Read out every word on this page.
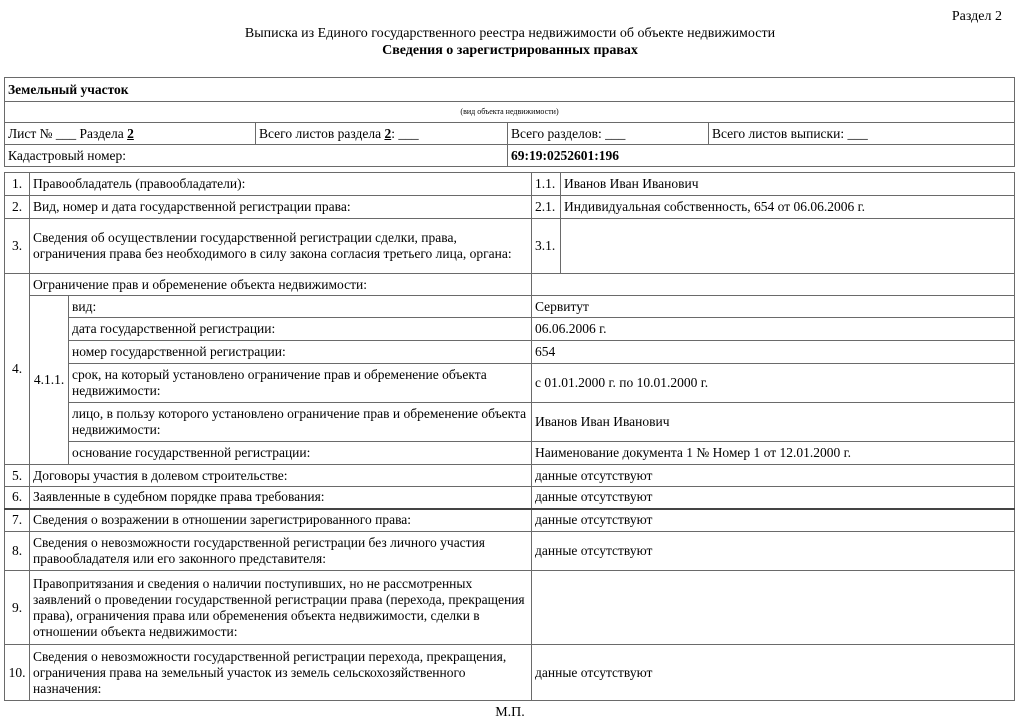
Раздел 2
Выписка из Единого государственного реестра недвижимости об объекте недвижимости
Сведения о зарегистрированных правах
Земельный участок			
(вид объекта недвижимости)			
Лист № ___ Раздела 2	Всего листов раздела 2: ___	Всего разделов: ___	Всего листов выписки: ___
Кадастровый номер:		69:19:0252601:196	
1.	Правообладатель (правообладатели):		1.1.	Иванов Иван Иванович
2.	Вид, номер и дата государственной регистрации права:		2.1.	Индивидуальная собственность, 654 от 06.06.2006 г.
3.	Сведения об осуществлении государственной регистрации сделки, права, ограничения права без необходимого в силу закона согласия третьего лица, органа:		3.1.	
4.	Ограничение прав и обременение объекта недвижимости:			
	4.1.1.	вид:	Сервитут	
		дата государственной регистрации:	06.06.2006 г.	
		номер государственной регистрации:	654	
		срок, на который установлено ограничение прав и обременение объекта недвижимости:	с 01.01.2000 г. по 10.01.2000 г.	
		лицо, в пользу которого установлено ограничение прав и обременение объекта недвижимости:	Иванов Иван Иванович	
		основание государственной регистрации:	Наименование документа 1 № Номер 1 от 12.01.2000 г.	
5.	Договоры участия в долевом строительстве:		данные отсутствуют	
6.	Заявленные в судебном порядке права требования:		данные отсутствуют	
7.	Сведения о возражении в отношении зарегистрированного права:		данные отсутствуют	
8.	Сведения о невозможности государственной регистрации без личного участия правообладателя или его законного представителя:		данные отсутствуют	
9.	Правопритязания и сведения о наличии поступивших, но не рассмотренных заявлений о проведении государственной регистрации права (перехода, прекращения права), ограничения права или обременения объекта недвижимости, сделки в отношении объекта недвижимости:			
10.	Сведения о невозможности государственной регистрации перехода, прекращения, ограничения права на земельный участок из земель сельскохозяйственного назначения:		данные отсутствуют	
М.П.
